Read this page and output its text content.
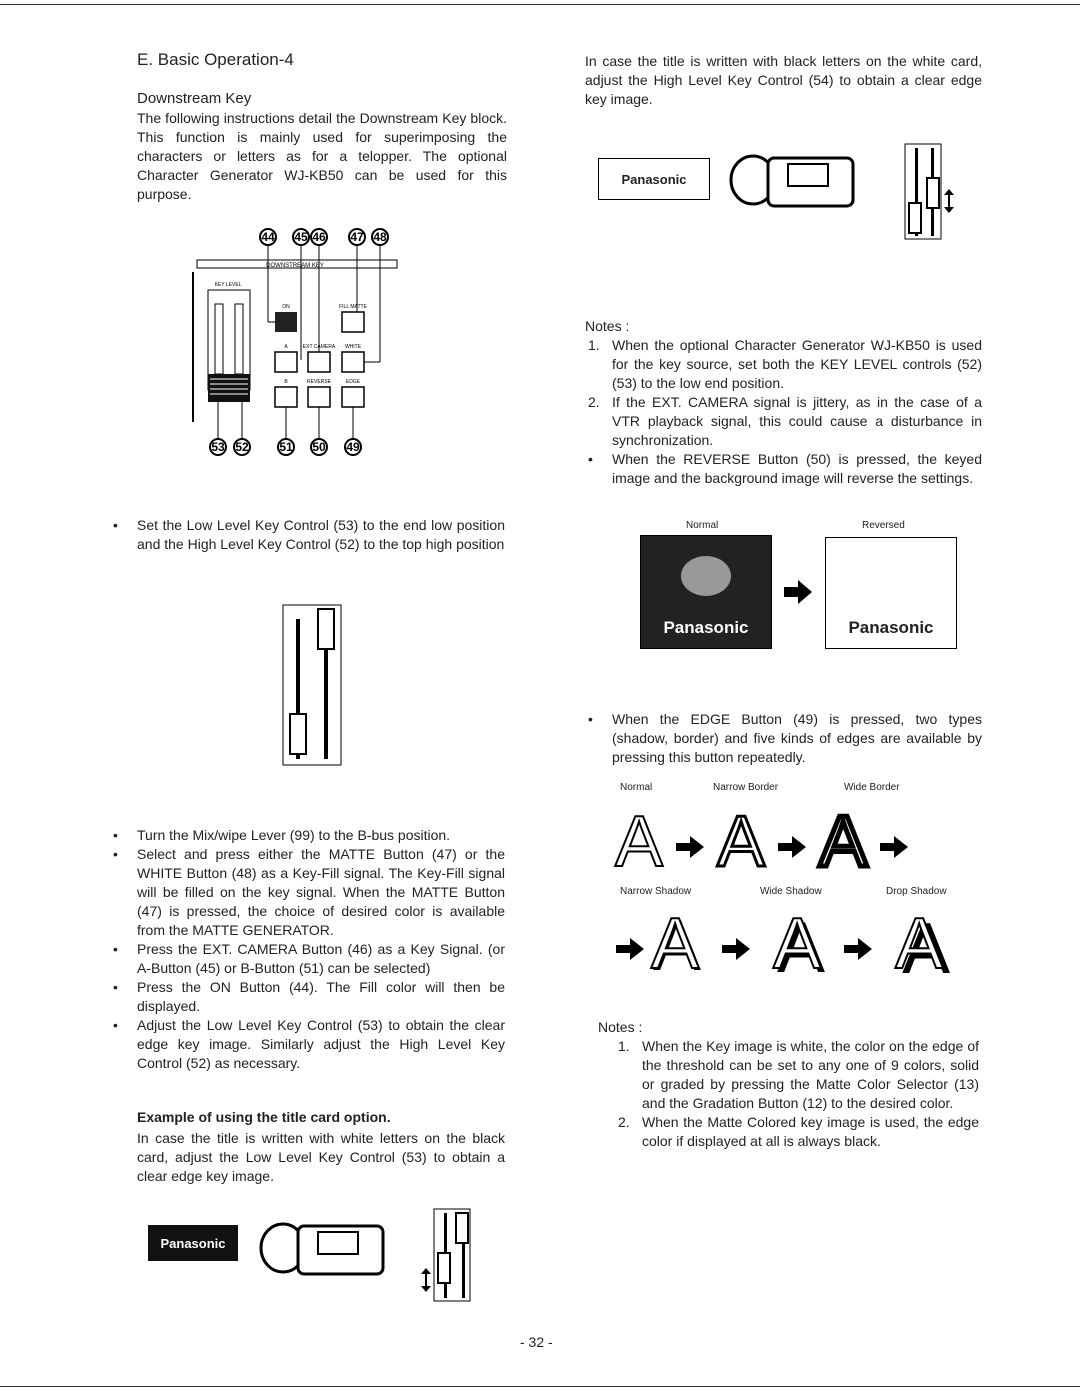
E. Basic Operation-4
Downstream Key
The following instructions detail the Downstream Key block. This function is mainly used for superimposing the characters or letters as for a telopper. The optional Character Generator WJ-KB50 can be used for this purpose.
44 45 46 47 48
53 52	51 50 49
DOWNSTREAM KEY
KEY LEVEL
ON
A	EXT CAMERA
FILL MATTE
WHITE
B	REVERSE	EDGE
• Set the Low Level Key Control (53) to the end low position and the High Level Key Control (52) to the top high position
• Turn the Mix/wipe Lever (99) to the B-bus position.
• Select and press either the MATTE Button (47) or the WHITE Button (48) as a Key-Fill signal. The Key-Fill signal will be filled on the key signal. When the MATTE Button (47) is pressed, the choice of desired color is available from the MATTE GENERATOR.
• Press the EXT. CAMERA Button (46) as a Key Signal. (or A-Button (45) or B-Button (51) can be selected)
• Press the ON Button (44). The Fill color will then be displayed.
• Adjust the Low Level Key Control (53) to obtain the clear edge key image. Similarly adjust the High Level Key Control (52) as necessary.
Example of using the title card option.
In case the title is written with white letters on the black card, adjust the Low Level Key Control (53) to obtain a clear edge key image.
Panasonic
In case the title is written with black letters on the white card, adjust the High Level Key Control (54) to obtain a clear edge key image.
Panasonic
Notes :
1. When the optional Character Generator WJ-KB50 is used for the key source, set both the KEY LEVEL controls (52) (53) to the low end position.
2. If the EXT. CAMERA signal is jittery, as in the case of a VTR playback signal, this could cause a disturbance in synchronization.
• When the REVERSE Button (50) is pressed, the keyed image and the background image will reverse the settings.
Normal	Reversed
Panasonic	Panasonic
• When the EDGE Button (49) is pressed, two types (shadow, border) and five kinds of edges are available by pressing this button repeatedly.
Normal	Narrow Border	Wide Border
A A A
Narrow Shadow	Wide Shadow	Drop Shadow
A A A
Notes :
1. When the Key image is white, the color on the edge of the threshold can be set to any one of 9 colors, solid or graded by pressing the Matte Color Selector (13) and the Gradation Button (12) to the desired color.
2. When the Matte Colored key image is used, the edge color if displayed at all is always black.
- 32 -
